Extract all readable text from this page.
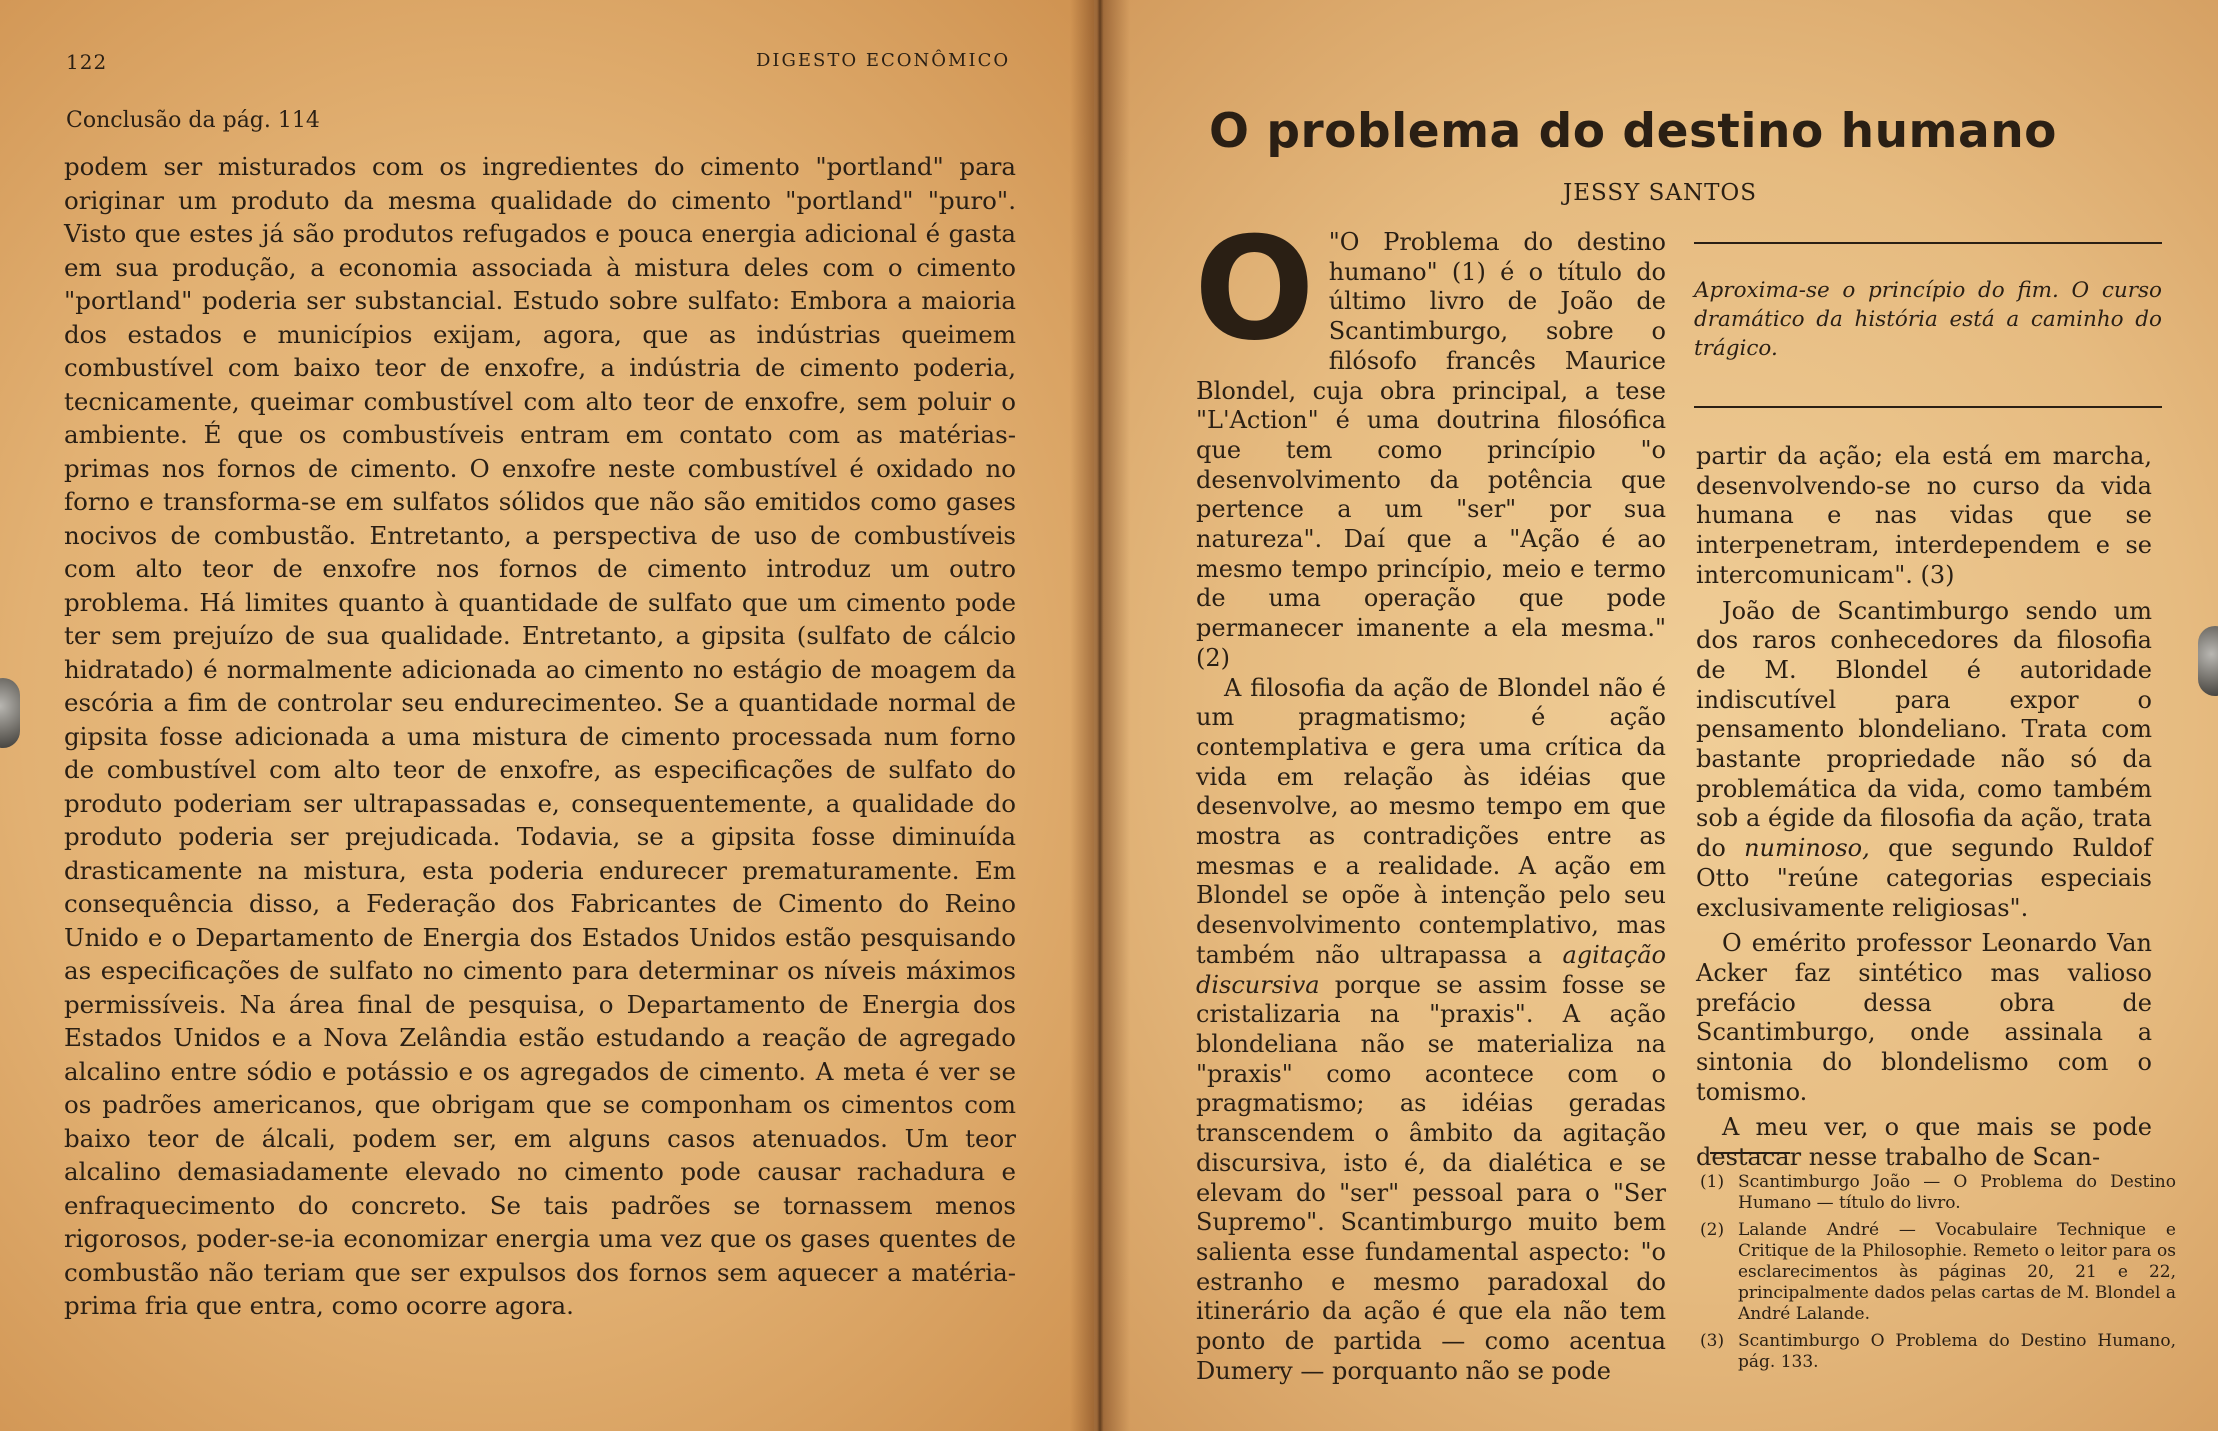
122	DIGESTO ECONÔMICO
Conclusão da pág. 114
podem ser misturados com os ingredientes do cimento "portland" para originar um produto da mesma qualidade do cimento "portland" "puro". Visto que estes já são produtos refugados e pouca energia adicional é gasta em sua produção, a economia associada à mistura deles com o cimento "portland" poderia ser substancial. Estudo sobre sulfato: Embora a maioria dos estados e municípios exijam, agora, que as indústrias queimem combustível com baixo teor de enxofre, a indústria de cimento poderia, tecnicamente, queimar combustível com alto teor de enxofre, sem poluir o ambiente. É que os combustíveis entram em contato com as matérias-primas nos fornos de cimento. O enxofre neste combustível é oxidado no forno e transforma-se em sulfatos sólidos que não são emitidos como gases nocivos de combustão. Entretanto, a perspectiva de uso de combustíveis com alto teor de enxofre nos fornos de cimento introduz um outro problema. Há limites quanto à quantidade de sulfato que um cimento pode ter sem prejuízo de sua qualidade. Entretanto, a gipsita (sulfato de cálcio hidratado) é normalmente adicionada ao cimento no estágio de moagem da escória a fim de controlar seu endurecimenteo. Se a quantidade normal de gipsita fosse adicionada a uma mistura de cimento processada num forno de combustível com alto teor de enxofre, as especificações de sulfato do produto poderiam ser ultrapassadas e, consequentemente, a qualidade do produto poderia ser prejudicada. Todavia, se a gipsita fosse diminuída drasticamente na mistura, esta poderia endurecer prematuramente. Em consequência disso, a Federação dos Fabricantes de Cimento do Reino Unido e o Departamento de Energia dos Estados Unidos estão pesquisando as especificações de sulfato no cimento para determinar os níveis máximos permissíveis. Na área final de pesquisa, o Departamento de Energia dos Estados Unidos e a Nova Zelândia estão estudando a reação de agregado alcalino entre sódio e potássio e os agregados de cimento. A meta é ver se os padrões americanos, que obrigam que se componham os cimentos com baixo teor de álcali, podem ser, em alguns casos atenuados. Um teor alcalino demasiadamente elevado no cimento pode causar rachadura e enfraquecimento do concreto. Se tais padrões se tornassem menos rigorosos, poder-se-ia economizar energia uma vez que os gases quentes de combustão não teriam que ser expulsos dos fornos sem aquecer a matéria-prima fria que entra, como ocorre agora.
O problema do destino humano
JESSY SANTOS

O "O Problema do destino humano" (1) é o título do último livro de João de Scantimburgo, sobre o filósofo francês Maurice Blondel, cuja obra principal, a tese "L'Action" é uma doutrina filosófica que tem como princípio "o desenvolvimento da potência que pertence a um "ser" por sua natureza". Daí que a "Ação é ao mesmo tempo princípio, meio e termo de uma operação que pode permanecer imanente a ela mesma." (2)

A filosofia da ação de Blondel não é um pragmatismo; é ação contemplativa e gera uma crítica da vida em relação às idéias que desenvolve, ao mesmo tempo em que mostra as contradições entre as mesmas e a realidade. A ação em Blondel se opõe à intenção pelo seu desenvolvimento contemplativo, mas também não ultrapassa a agitação discursiva porque se assim fosse se cristalizaria na "praxis". A ação blondeliana não se materializa na "praxis" como acontece com o pragmatismo; as idéias geradas transcendem o âmbito da agitação discursiva, isto é, da dialética e se elevam do "ser" pessoal para o "Ser Supremo". Scantimburgo muito bem salienta esse fundamental aspecto: "o estranho e mesmo paradoxal do itinerário da ação é que ela não tem ponto de partida — como acentua Dumery — porquanto não se pode

Aproxima-se o princípio do fim. O curso dramático da história está a caminho do trágico.

partir da ação; ela está em marcha, desenvolvendo-se no curso da vida humana e nas vidas que se interpenetram, interdependem e se intercomunicam". (3)

João de Scantimburgo sendo um dos raros conhecedores da filosofia de M. Blondel é autoridade indiscutível para expor o pensamento blondeliano. Trata com bastante propriedade não só da problemática da vida, como também sob a égide da filosofia da ação, trata do numinoso, que segundo Ruldof Otto "reúne categorias especiais exclusivamente religiosas".

O emérito professor Leonardo Van Acker faz sintético mas valioso prefácio dessa obra de Scantimburgo, onde assinala a sintonia do blondelismo com o tomismo.

A meu ver, o que mais se pode destacar nesse trabalho de Scan-

(1) Scantimburgo João — O Problema do Destino Humano — título do livro.
(2) Lalande André — Vocabulaire Technique e Critique de la Philosophie. Remeto o leitor para os esclarecimentos às páginas 20, 21 e 22, principalmente dados pelas cartas de M. Blondel a André Lalande.
(3) Scantimburgo O Problema do Destino Humano, pág. 133.
